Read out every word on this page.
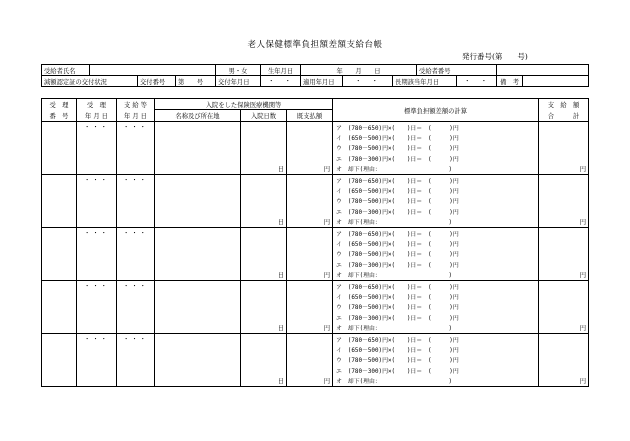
老人保健標準負担額差額支給台帳
発行番号(第　　号)
受給者氏名				男・女	生年月日	年　　月　　日			受給者番号			
減額認定証の交付状況		交付番号	第　　 号	交付年月日	・　・	適用年月日	・　・	長期該当年月日		・　・	備　考	
受　理	受　理	支 給 等	入院をした保険医療機関等			標準負担額差額の計算	支　給　額
番　号	年 月 日	年 月 日	名称及び所在地	入院日数	既支払額		合　　　計
	・・・	・・・				ア　(780－650)円×(　　)日＝　(　　　)円	
						イ　(650－500)円×(　　)日＝　(　　　)円	
						ウ　(780－500)円×(　　)日＝　(　　　)円	
						エ　(780－300)円×(　　)日＝　(　　　)円	
				日	円	オ　却下(理由：　　　　　　　　　　　　)	円
	・・・	・・・				ア　(780－650)円×(　　)日＝　(　　　)円	
						イ　(650－500)円×(　　)日＝　(　　　)円	
						ウ　(780－500)円×(　　)日＝　(　　　)円	
						エ　(780－300)円×(　　)日＝　(　　　)円	
				日	円	オ　却下(理由：　　　　　　　　　　　　)	円
	・・・	・・・				ア　(780－650)円×(　　)日＝　(　　　)円	
						イ　(650－500)円×(　　)日＝　(　　　)円	
						ウ　(780－500)円×(　　)日＝　(　　　)円	
						エ　(780－300)円×(　　)日＝　(　　　)円	
				日	円	オ　却下(理由：　　　　　　　　　　　　)	円
	・・・	・・・				ア　(780－650)円×(　　)日＝　(　　　)円	
						イ　(650－500)円×(　　)日＝　(　　　)円	
						ウ　(780－500)円×(　　)日＝　(　　　)円	
						エ　(780－300)円×(　　)日＝　(　　　)円	
				日	円	オ　却下(理由：　　　　　　　　　　　　)	円
	・・・	・・・				ア　(780－650)円×(　　)日＝　(　　　)円	
						イ　(650－500)円×(　　)日＝　(　　　)円	
						ウ　(780－500)円×(　　)日＝　(　　　)円	
						エ　(780－300)円×(　　)日＝　(　　　)円	
				日	円	オ　却下(理由：　　　　　　　　　　　　)	円
